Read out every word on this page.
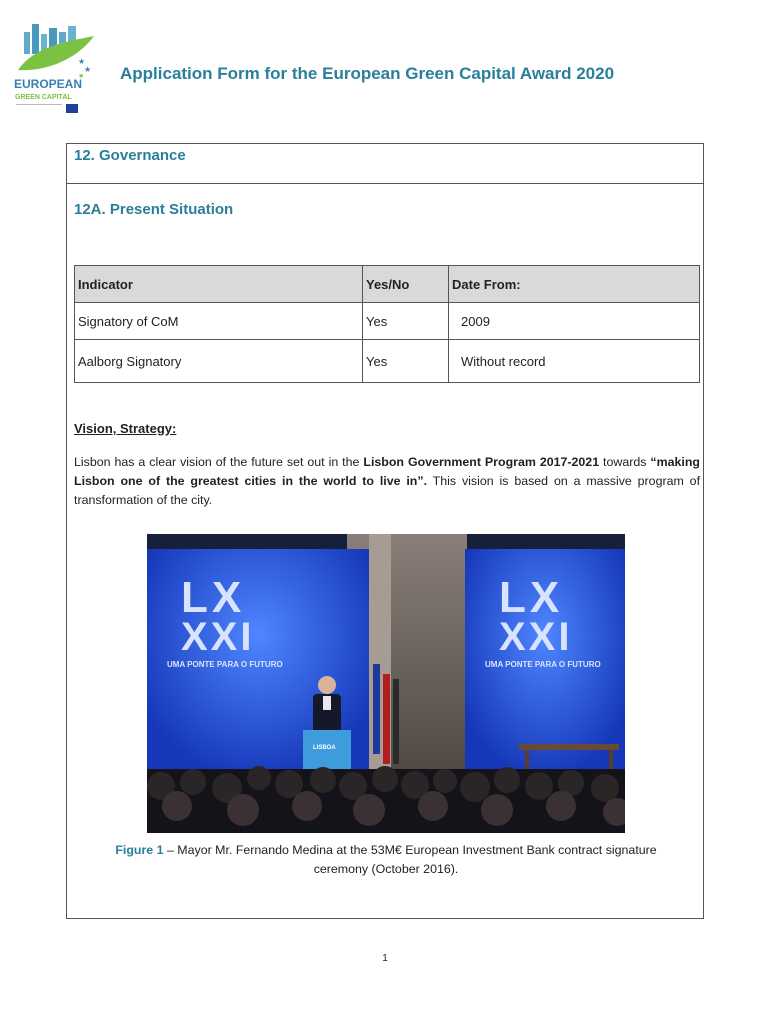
★
★
★
EUROPEAN
GREEN CAPITAL
Application Form for the European Green Capital Award 2020
12. Governance
12A. Present Situation
Indicator	Yes/No	Date From:
Signatory of CoM	Yes	2009
Aalborg Signatory	Yes	Without record
Vision, Strategy:
Lisbon has a clear vision of the future set out in the Lisbon Government Program 2017-2021 towards “making Lisbon one of the greatest cities in the world to live in”. This vision is based on a massive program of transformation of the city.
LX
XXI
UMA PONTE PARA O FUTURO
LX
XXI
UMA PONTE PARA O FUTURO
LISBOA
Figure 1 – Mayor Mr. Fernando Medina at the 53M€ European Investment Bank contract signature ceremony (October 2016).
1
